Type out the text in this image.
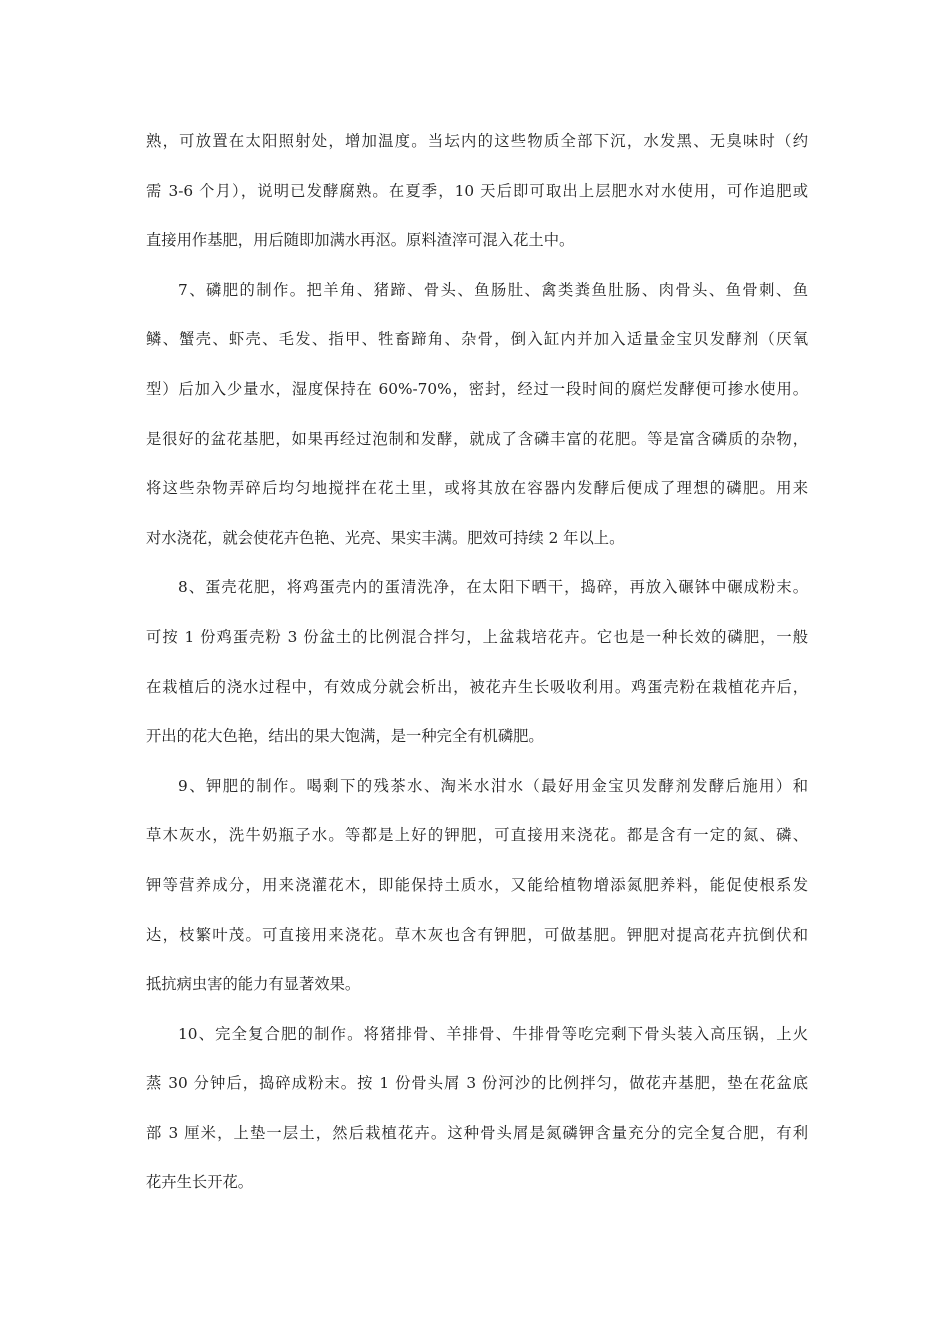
熟，可放置在太阳照射处，增加温度。当坛内的这些物质全部下沉，水发黑、无臭味时（约
需 3-6 个月），说明已发酵腐熟。在夏季，10 天后即可取出上层肥水对水使用，可作追肥或
直接用作基肥，用后随即加满水再沤。原料渣滓可混入花土中。
7、磷肥的制作。把羊角、猪蹄、骨头、鱼肠肚、禽类粪鱼肚肠、肉骨头、鱼骨刺、鱼
鳞、蟹壳、虾壳、毛发、指甲、牲畜蹄角、杂骨，倒入缸内并加入适量金宝贝发酵剂（厌氧
型）后加入少量水，湿度保持在 60%-70%，密封，经过一段时间的腐烂发酵便可掺水使用。
是很好的盆花基肥，如果再经过泡制和发酵，就成了含磷丰富的花肥。等是富含磷质的杂物，
将这些杂物弄碎后均匀地搅拌在花土里，或将其放在容器内发酵后便成了理想的磷肥。用来
对水浇花，就会使花卉色艳、光亮、果实丰满。肥效可持续 2 年以上。
8、蛋壳花肥，将鸡蛋壳内的蛋清洗净，在太阳下晒干，捣碎，再放入碾钵中碾成粉末。
可按 1 份鸡蛋壳粉 3 份盆土的比例混合拌匀，上盆栽培花卉。它也是一种长效的磷肥，一般
在栽植后的浇水过程中，有效成分就会析出，被花卉生长吸收利用。鸡蛋壳粉在栽植花卉后，
开出的花大色艳，结出的果大饱满，是一种完全有机磷肥。
9、钾肥的制作。喝剩下的残茶水、淘米水泔水（最好用金宝贝发酵剂发酵后施用）和
草木灰水，洗牛奶瓶子水。等都是上好的钾肥，可直接用来浇花。都是含有一定的氮、磷、
钾等营养成分，用来浇灌花木，即能保持土质水，又能给植物增添氮肥养料，能促使根系发
达，枝繁叶茂。可直接用来浇花。草木灰也含有钾肥，可做基肥。钾肥对提高花卉抗倒伏和
抵抗病虫害的能力有显著效果。
10、完全复合肥的制作。将猪排骨、羊排骨、牛排骨等吃完剩下骨头装入高压锅，上火
蒸 30 分钟后，捣碎成粉末。按 1 份骨头屑 3 份河沙的比例拌匀，做花卉基肥，垫在花盆底
部 3 厘米，上垫一层土，然后栽植花卉。这种骨头屑是氮磷钾含量充分的完全复合肥，有利
花卉生长开花。
